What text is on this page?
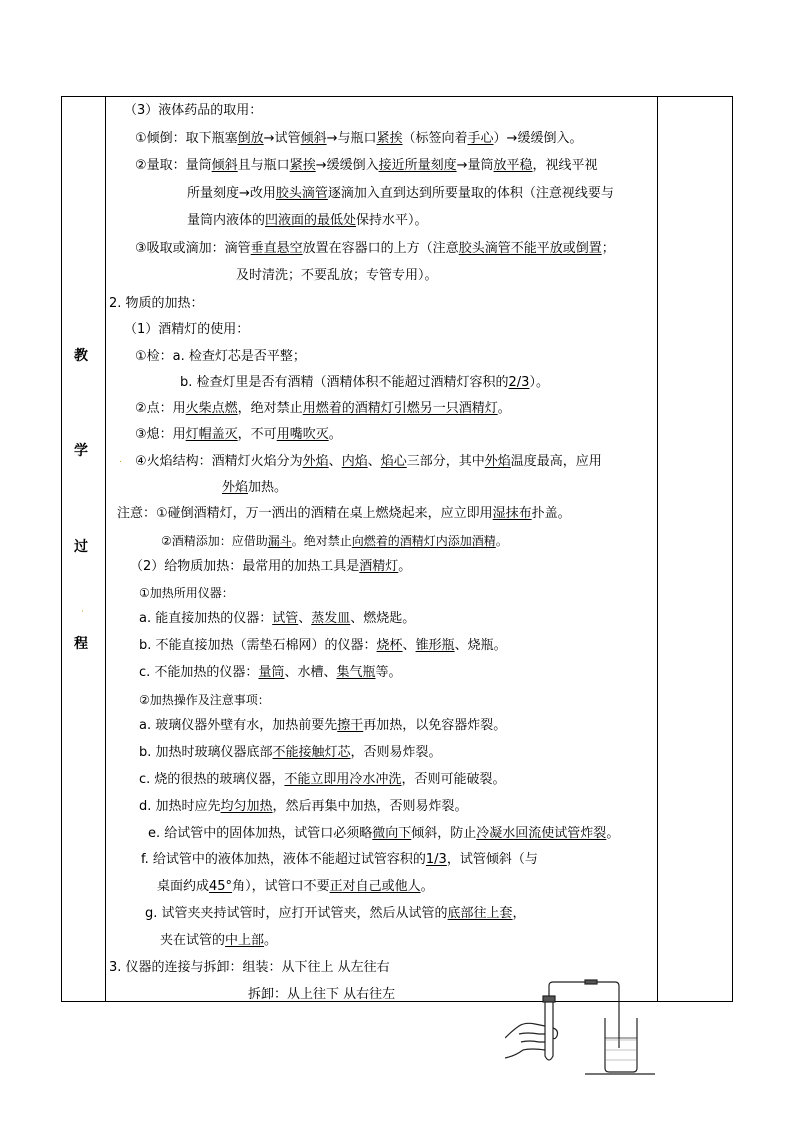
教
学
过
·
程
（3）液体药品的取用：
①倾倒：取下瓶塞倒放→试管倾斜→与瓶口紧挨（标签向着手心）→缓缓倒入。
②量取：量筒倾斜且与瓶口紧挨→缓缓倒入接近所量刻度→量筒放平稳，视线平视
所量刻度→改用胶头滴管逐滴加入直到达到所要量取的体积（注意视线要与
量筒内液体的凹液面的最低处保持水平）。
③吸取或滴加：滴管垂直悬空放置在容器口的上方（注意胶头滴管不能平放或倒置；
及时清洗；不要乱放；专管专用）。
2. 物质的加热：
（1）酒精灯的使用：
①检：a. 检查灯芯是否平整；
b. 检查灯里是否有酒精（酒精体积不能超过酒精灯容积的2/3）。
②点：用火柴点燃，绝对禁止用燃着的酒精灯引燃另一只酒精灯。
③熄：用灯帽盖灭，不可用嘴吹灭。
. ④火焰结构：酒精灯火焰分为外焰、内焰、焰心三部分，其中外焰温度最高，应用
外焰加热。
注意：①碰倒酒精灯，万一洒出的酒精在桌上燃烧起来，应立即用湿抹布扑盖。
②酒精添加：应借助漏斗。绝对禁止向燃着的酒精灯内添加酒精。
（2）给物质加热：最常用的加热工具是酒精灯。
①加热所用仪器：
a. 能直接加热的仪器：试管、蒸发皿、燃烧匙。
b. 不能直接加热（需垫石棉网）的仪器：烧杯、锥形瓶、烧瓶。
c. 不能加热的仪器：量筒、水槽、集气瓶等。
②加热操作及注意事项：
a. 玻璃仪器外壁有水，加热前要先擦干再加热，以免容器炸裂。
b. 加热时玻璃仪器底部不能接触灯芯，否则易炸裂。
c. 烧的很热的玻璃仪器，不能立即用冷水冲洗，否则可能破裂。
d. 加热时应先均匀加热，然后再集中加热，否则易炸裂。
e. 给试管中的固体加热，试管口必须略微向下倾斜，防止冷凝水回流使试管炸裂。
f. 给试管中的液体加热，液体不能超过试管容积的1/3，试管倾斜（与
桌面约成45°角），试管口不要正对自己或他人。
g. 试管夹夹持试管时，应打开试管夹，然后从试管的底部往上套，
夹在试管的中上部。
3. 仪器的连接与拆卸：组装：从下往上 从左往右
拆卸：从上往下 从右往左
